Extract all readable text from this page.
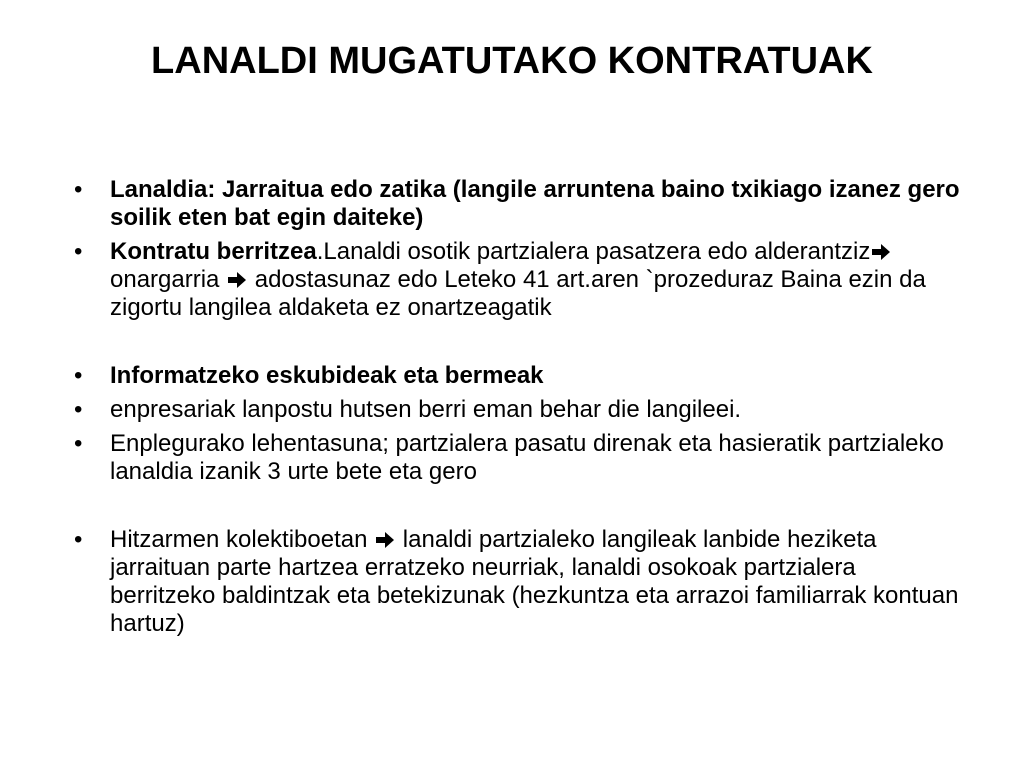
LANALDI MUGATUTAKO KONTRATUAK
•	Lanaldia: Jarraitua edo zatika (langile arruntena baino txikiago izanez gero soilik eten bat egin daiteke)
•	Kontratu berritzea.Lanaldi osotik partzialera pasatzera edo alderantziz
onargarria
adostasunaz edo Leteko 41 art.aren `prozeduraz Baina ezin da zigortu langilea aldaketa ez onartzeagatik
•	Informatzeko eskubideak eta bermeak
•	enpresariak lanpostu hutsen berri eman behar die langileei.
•	Enplegurako lehentasuna; partzialera pasatu direnak eta hasieratik partzialeko lanaldia izanik 3 urte bete eta gero
•	Hitzarmen kolektiboetan
lanaldi partzialeko langileak lanbide heziketa jarraituan parte hartzea erratzeko neurriak, lanaldi osokoak partzialera berritzeko baldintzak eta betekizunak (hezkuntza eta arrazoi familiarrak kontuan hartuz)
